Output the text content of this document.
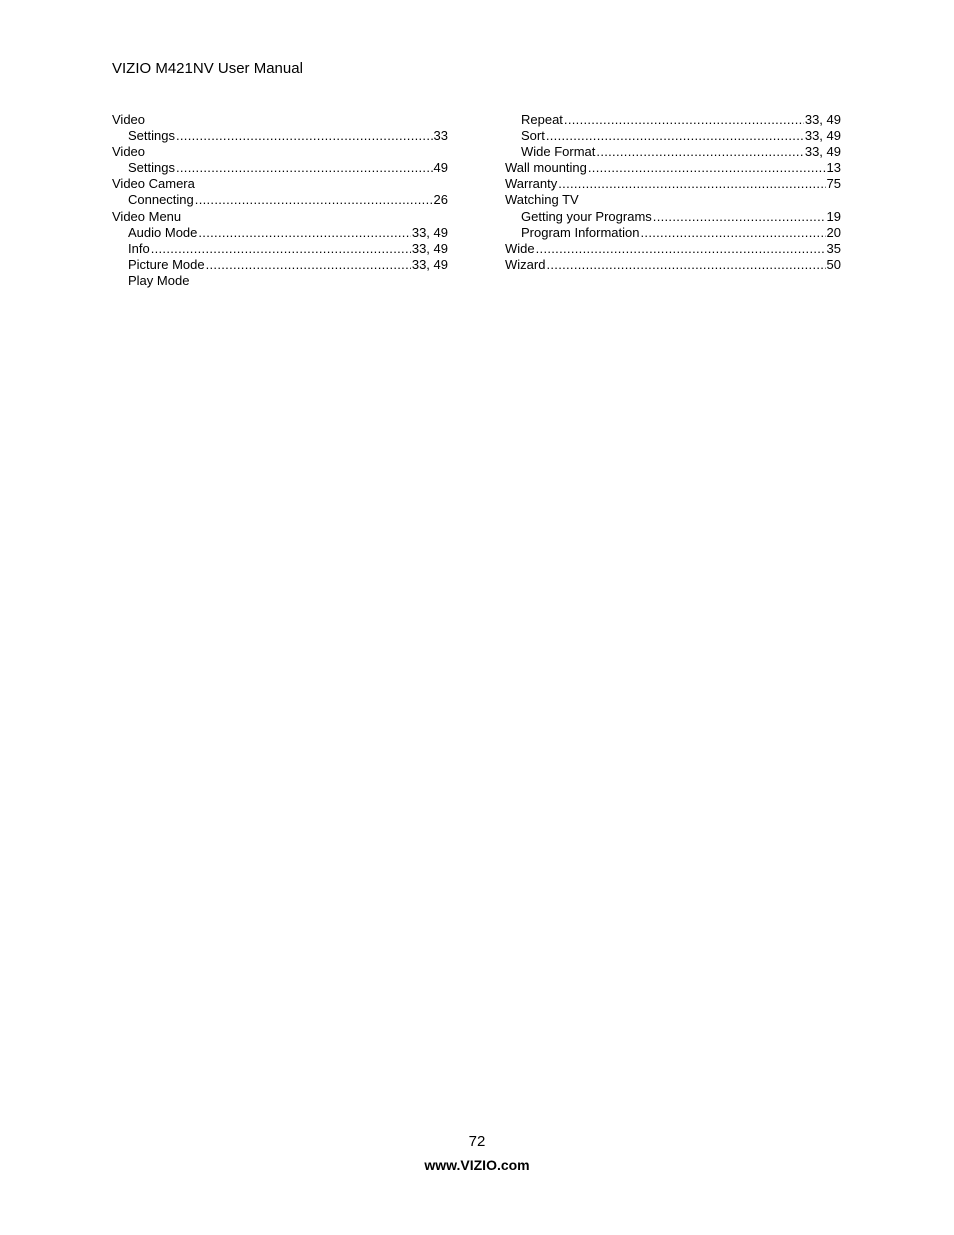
VIZIO M421NV User Manual
Video
Settings .....	33
Video
Settings .....	49
Video Camera
Connecting .....	26
Video Menu
Audio Mode .....	33, 49
Info .....	33, 49
Picture Mode .....	33, 49
Play Mode
Repeat .....	33, 49
Sort .....	33, 49
Wide Format .....	33, 49
Wall mounting .....	13
Warranty .....	75
Watching TV
Getting your Programs .....	19
Program Information .....	20
Wide .....	35
Wizard .....	50
72
www.VIZIO.com
